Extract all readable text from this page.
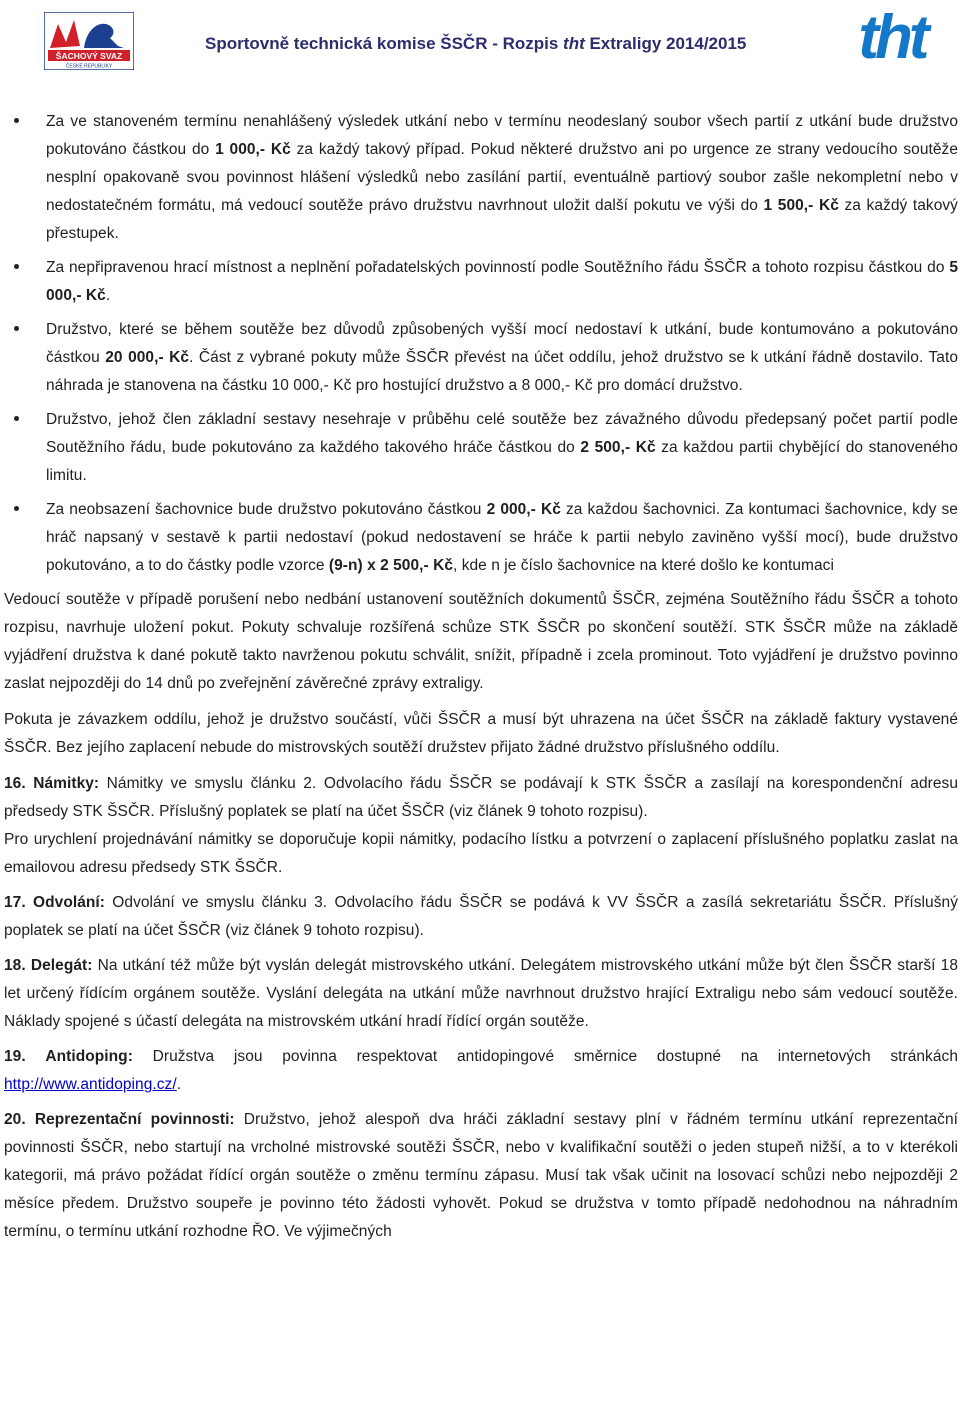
ŠACHOVÝ SVAZ
ČESKÉ REPUBLIKY
Sportovně technická komise ŠSČR - Rozpis tht Extraligy 2014/2015 tht
Za ve stanoveném termínu nenahlášený výsledek utkání nebo v termínu neodeslaný soubor všech partií z utkání bude družstvo pokutováno částkou do 1 000,- Kč za každý takový případ. Pokud některé družstvo ani po urgence ze strany vedoucího soutěže nesplní opakovaně svou povinnost hlášení výsledků nebo zasílání partií, eventuálně partiový soubor zašle nekompletní nebo v nedostatečném formátu, má vedoucí soutěže právo družstvu navrhnout uložit další pokutu ve výši do 1 500,- Kč za každý takový přestupek.
Za nepřipravenou hrací místnost a neplnění pořadatelských povinností podle Soutěžního řádu ŠSČR a tohoto rozpisu částkou do 5 000,- Kč.
Družstvo, které se během soutěže bez důvodů způsobených vyšší mocí nedostaví k utkání, bude kontumováno a pokutováno částkou 20 000,- Kč. Část z vybrané pokuty může ŠSČR převést na účet oddílu, jehož družstvo se k utkání řádně dostavilo. Tato náhrada je stanovena na částku 10 000,- Kč pro hostující družstvo a 8 000,- Kč pro domácí družstvo.
Družstvo, jehož člen základní sestavy nesehraje v průběhu celé soutěže bez závažného důvodu předepsaný počet partií podle Soutěžního řádu, bude pokutováno za každého takového hráče částkou do 2 500,- Kč za každou partii chybějící do stanoveného limitu.
Za neobsazení šachovnice bude družstvo pokutováno částkou 2 000,- Kč za každou šachovnici. Za kontumaci šachovnice, kdy se hráč napsaný v sestavě k partii nedostaví (pokud nedostavení se hráče k partii nebylo zaviněno vyšší mocí), bude družstvo pokutováno, a to do částky podle vzorce (9-n) x 2 500,- Kč, kde n je číslo šachovnice na které došlo ke kontumaci

Vedoucí soutěže v případě porušení nebo nedbání ustanovení soutěžních dokumentů ŠSČR, zejména Soutěžního řádu ŠSČR a tohoto rozpisu, navrhuje uložení pokut. Pokuty schvaluje rozšířená schůze STK ŠSČR po skončení soutěží. STK ŠSČR může na základě vyjádření družstva k dané pokutě takto navrženou pokutu schválit, snížit, případně i zcela prominout. Toto vyjádření je družstvo povinno zaslat nejpozději do 14 dnů po zveřejnění závěrečné zprávy extraligy.

Pokuta je závazkem oddílu, jehož je družstvo součástí, vůči ŠSČR a musí být uhrazena na účet ŠSČR na základě faktury vystavené ŠSČR. Bez jejího zaplacení nebude do mistrovských soutěží družstev přijato žádné družstvo příslušného oddílu.

16. Námitky: Námitky ve smyslu článku 2. Odvolacího řádu ŠSČR se podávají k STK ŠSČR a zasílají na korespondenční adresu předsedy STK ŠSČR. Příslušný poplatek se platí na účet ŠSČR (viz článek 9 tohoto rozpisu).

Pro urychlení projednávání námitky se doporučuje kopii námitky, podacího lístku a potvrzení o zaplacení příslušného poplatku zaslat na emailovou adresu předsedy STK ŠSČR.

17. Odvolání: Odvolání ve smyslu článku 3. Odvolacího řádu ŠSČR se podává k VV ŠSČR a zasílá sekretariátu ŠSČR. Příslušný poplatek se platí na účet ŠSČR (viz článek 9 tohoto rozpisu).

18. Delegát: Na utkání též může být vyslán delegát mistrovského utkání. Delegátem mistrovského utkání může být člen ŠSČR starší 18 let určený řídícím orgánem soutěže. Vyslání delegáta na utkání může navrhnout družstvo hrající Extraligu nebo sám vedoucí soutěže. Náklady spojené s účastí delegáta na mistrovském utkání hradí řídící orgán soutěže.

19. Antidoping: Družstva jsou povinna respektovat antidopingové směrnice dostupné na internetových stránkách http://www.antidoping.cz/.

20. Reprezentační povinnosti: Družstvo, jehož alespoň dva hráči základní sestavy plní v řádném termínu utkání reprezentační povinnosti ŠSČR, nebo startují na vrcholné mistrovské soutěži ŠSČR, nebo v kvalifikační soutěži o jeden stupeň nižší, a to v kterékoli kategorii, má právo požádat řídící orgán soutěže o změnu termínu zápasu. Musí tak však učinit na losovací schůzi nebo nejpozději 2 měsíce předem. Družstvo soupeře je povinno této žádosti vyhovět. Pokud se družstva v tomto případě nedohodnou na náhradním termínu, o termínu utkání rozhodne ŘO. Ve výjimečných
